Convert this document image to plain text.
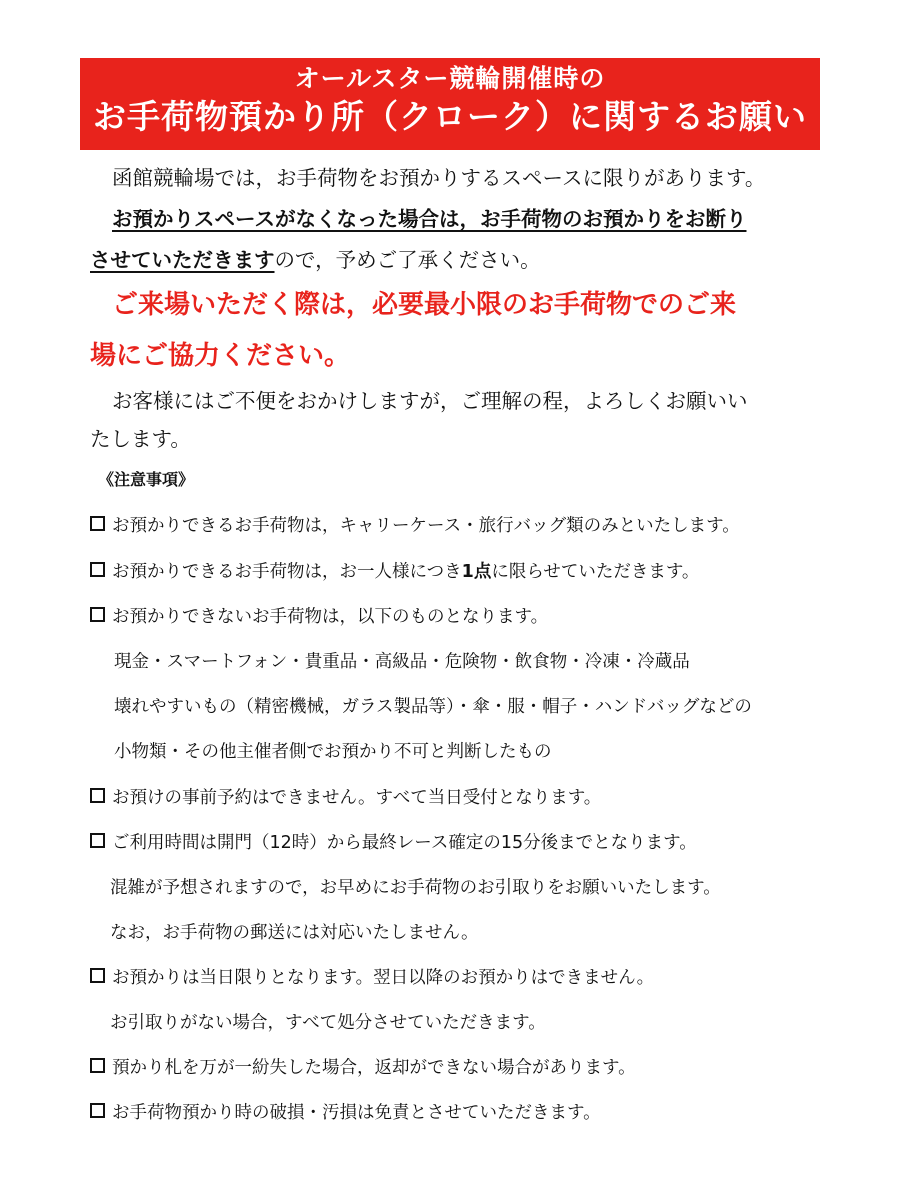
オールスター競輪開催時の
お手荷物預かり所（クローク）に関するお願い
函館競輪場では，お手荷物をお預かりするスペースに限りがあります。
お預かりスペースがなくなった場合は，お手荷物のお預かりをお断り
させていただきますので，予めご了承ください。
ご来場いただく際は，必要最小限のお手荷物でのご来
場にご協力ください。
お客様にはご不便をおかけしますが，ご理解の程，よろしくお願いい
たします。
《注意事項》
お預かりできるお手荷物は，キャリーケース・旅行バッグ類のみといたします。
お預かりできるお手荷物は，お一人様につき1点に限らせていただきます。
お預かりできないお手荷物は，以下のものとなります。
現金・スマートフォン・貴重品・高級品・危険物・飲食物・冷凍・冷蔵品
壊れやすいもの（精密機械，ガラス製品等）・傘・服・帽子・ハンドバッグなどの
小物類・その他主催者側でお預かり不可と判断したもの
お預けの事前予約はできません。すべて当日受付となります。
ご利用時間は開門（12時）から最終レース確定の15分後までとなります。
混雑が予想されますので，お早めにお手荷物のお引取りをお願いいたします。
なお，お手荷物の郵送には対応いたしません。
お預かりは当日限りとなります。翌日以降のお預かりはできません。
お引取りがない場合，すべて処分させていただきます。
預かり札を万が一紛失した場合，返却ができない場合があります。
お手荷物預かり時の破損・汚損は免責とさせていただきます。
